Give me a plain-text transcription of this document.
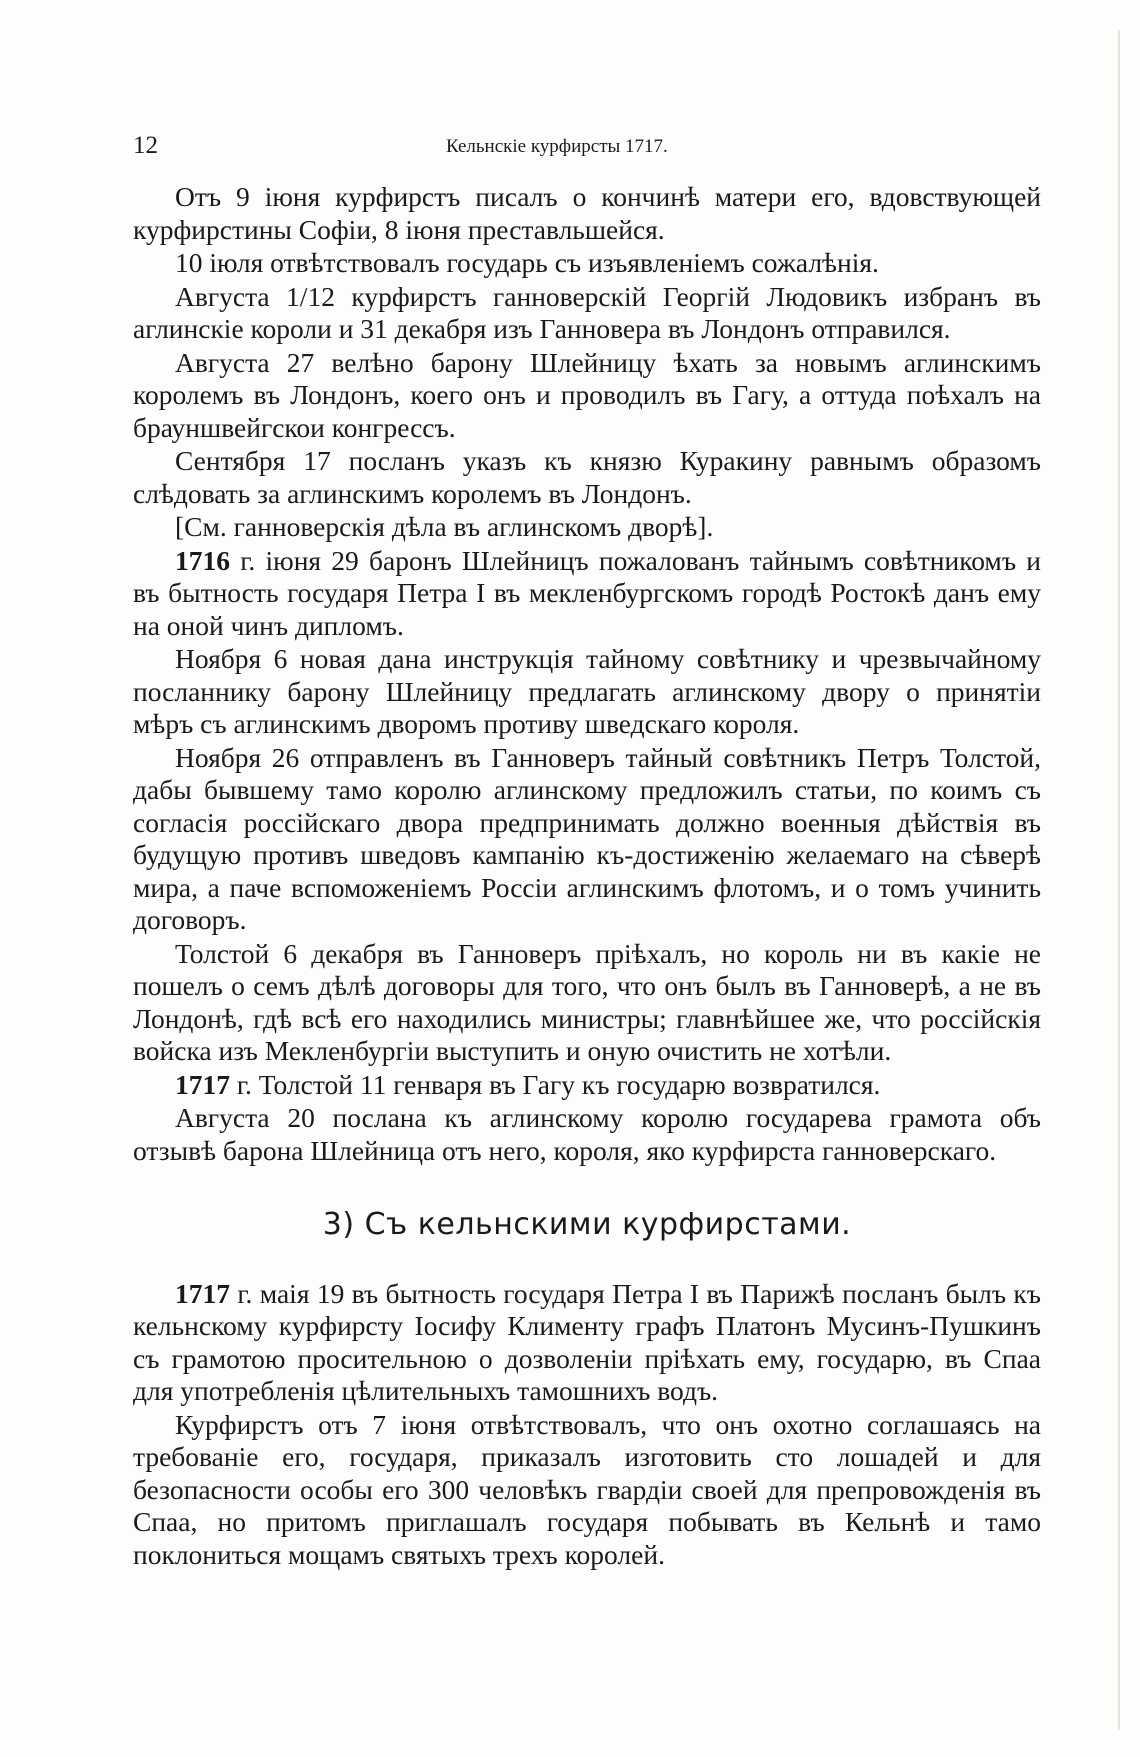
12	Кельнскіе курфирсты 1717.

Отъ 9 іюня курфирстъ писалъ о кончинѣ матери его, вдовствующей курфирстины Софіи, 8 іюня преставльшейся.

10 іюля отвѣтствовалъ государь съ изъявленіемъ сожалѣнія.

Августа 1/12 курфирстъ ганноверскій Георгій Людовикъ избранъ въ аглинскіе короли и 31 декабря изъ Ганновера въ Лондонъ отправился.

Августа 27 велѣно барону Шлейницу ѣхать за новымъ аглинскимъ королемъ въ Лондонъ, коего онъ и проводилъ въ Гагу, а оттуда поѣхалъ на брауншвейгскои конгрессъ.

Сентября 17 посланъ указъ къ князю Куракину равнымъ образомъ слѣдовать за аглинскимъ королемъ въ Лондонъ.

[См. ганноверскія дѣла въ аглинскомъ дворѣ].

1716 г. іюня 29 баронъ Шлейницъ пожалованъ тайнымъ совѣтникомъ и въ бытность государя Петра I въ мекленбургскомъ городѣ Ростокѣ данъ ему на оной чинъ дипломъ.

Ноября 6 новая дана инструкція тайному совѣтнику и чрезвычайному посланнику барону Шлейницу предлагать аглинскому двору о принятіи мѣръ съ аглинскимъ дворомъ противу шведскаго короля.

Ноября 26 отправленъ въ Ганноверъ тайный совѣтникъ Петръ Толстой, дабы бывшему тамо королю аглинскому предложилъ статьи, по коимъ съ согласія россійскаго двора предпринимать должно военныя дѣйствія въ будущую противъ шведовъ кампанію къ-достиженію желаемаго на сѣверѣ мира, а паче вспоможеніемъ Россіи аглинскимъ флотомъ, и о томъ учинить договоръ.

Толстой 6 декабря въ Ганноверъ пріѣхалъ, но король ни въ какіе не пошелъ о семъ дѣлѣ договоры для того, что онъ былъ въ Ганноверѣ, а не въ Лондонѣ, гдѣ всѣ его находились министры; главнѣйшее же, что россійскія войска изъ Мекленбургіи выступить и оную очистить не хотѣли.

1717 г. Толстой 11 генваря въ Гагу къ государю возвратился.

Августа 20 послана къ аглинскому королю государева грамота объ отзывѣ барона Шлейница отъ него, короля, яко курфирста ганноверскаго.

3) Съ кельнскими курфирстами.

1717 г. маія 19 въ бытность государя Петра I въ Парижѣ посланъ былъ къ кельнскому курфирсту Іосифу Клименту графъ Платонъ Мусинъ-Пушкинъ съ грамотою просительною о дозволеніи пріѣхать ему, государю, въ Спаа для употребленія цѣлительныхъ тамошнихъ водъ.

Курфирстъ отъ 7 іюня отвѣтствовалъ, что онъ охотно соглашаясь на требованіе его, государя, приказалъ изготовить сто лошадей и для безопасности особы его 300 человѣкъ гвардіи своей для препровожденія въ Спаа, но притомъ приглашалъ государя побывать въ Кельнѣ и тамо поклониться мощамъ святыхъ трехъ королей.
